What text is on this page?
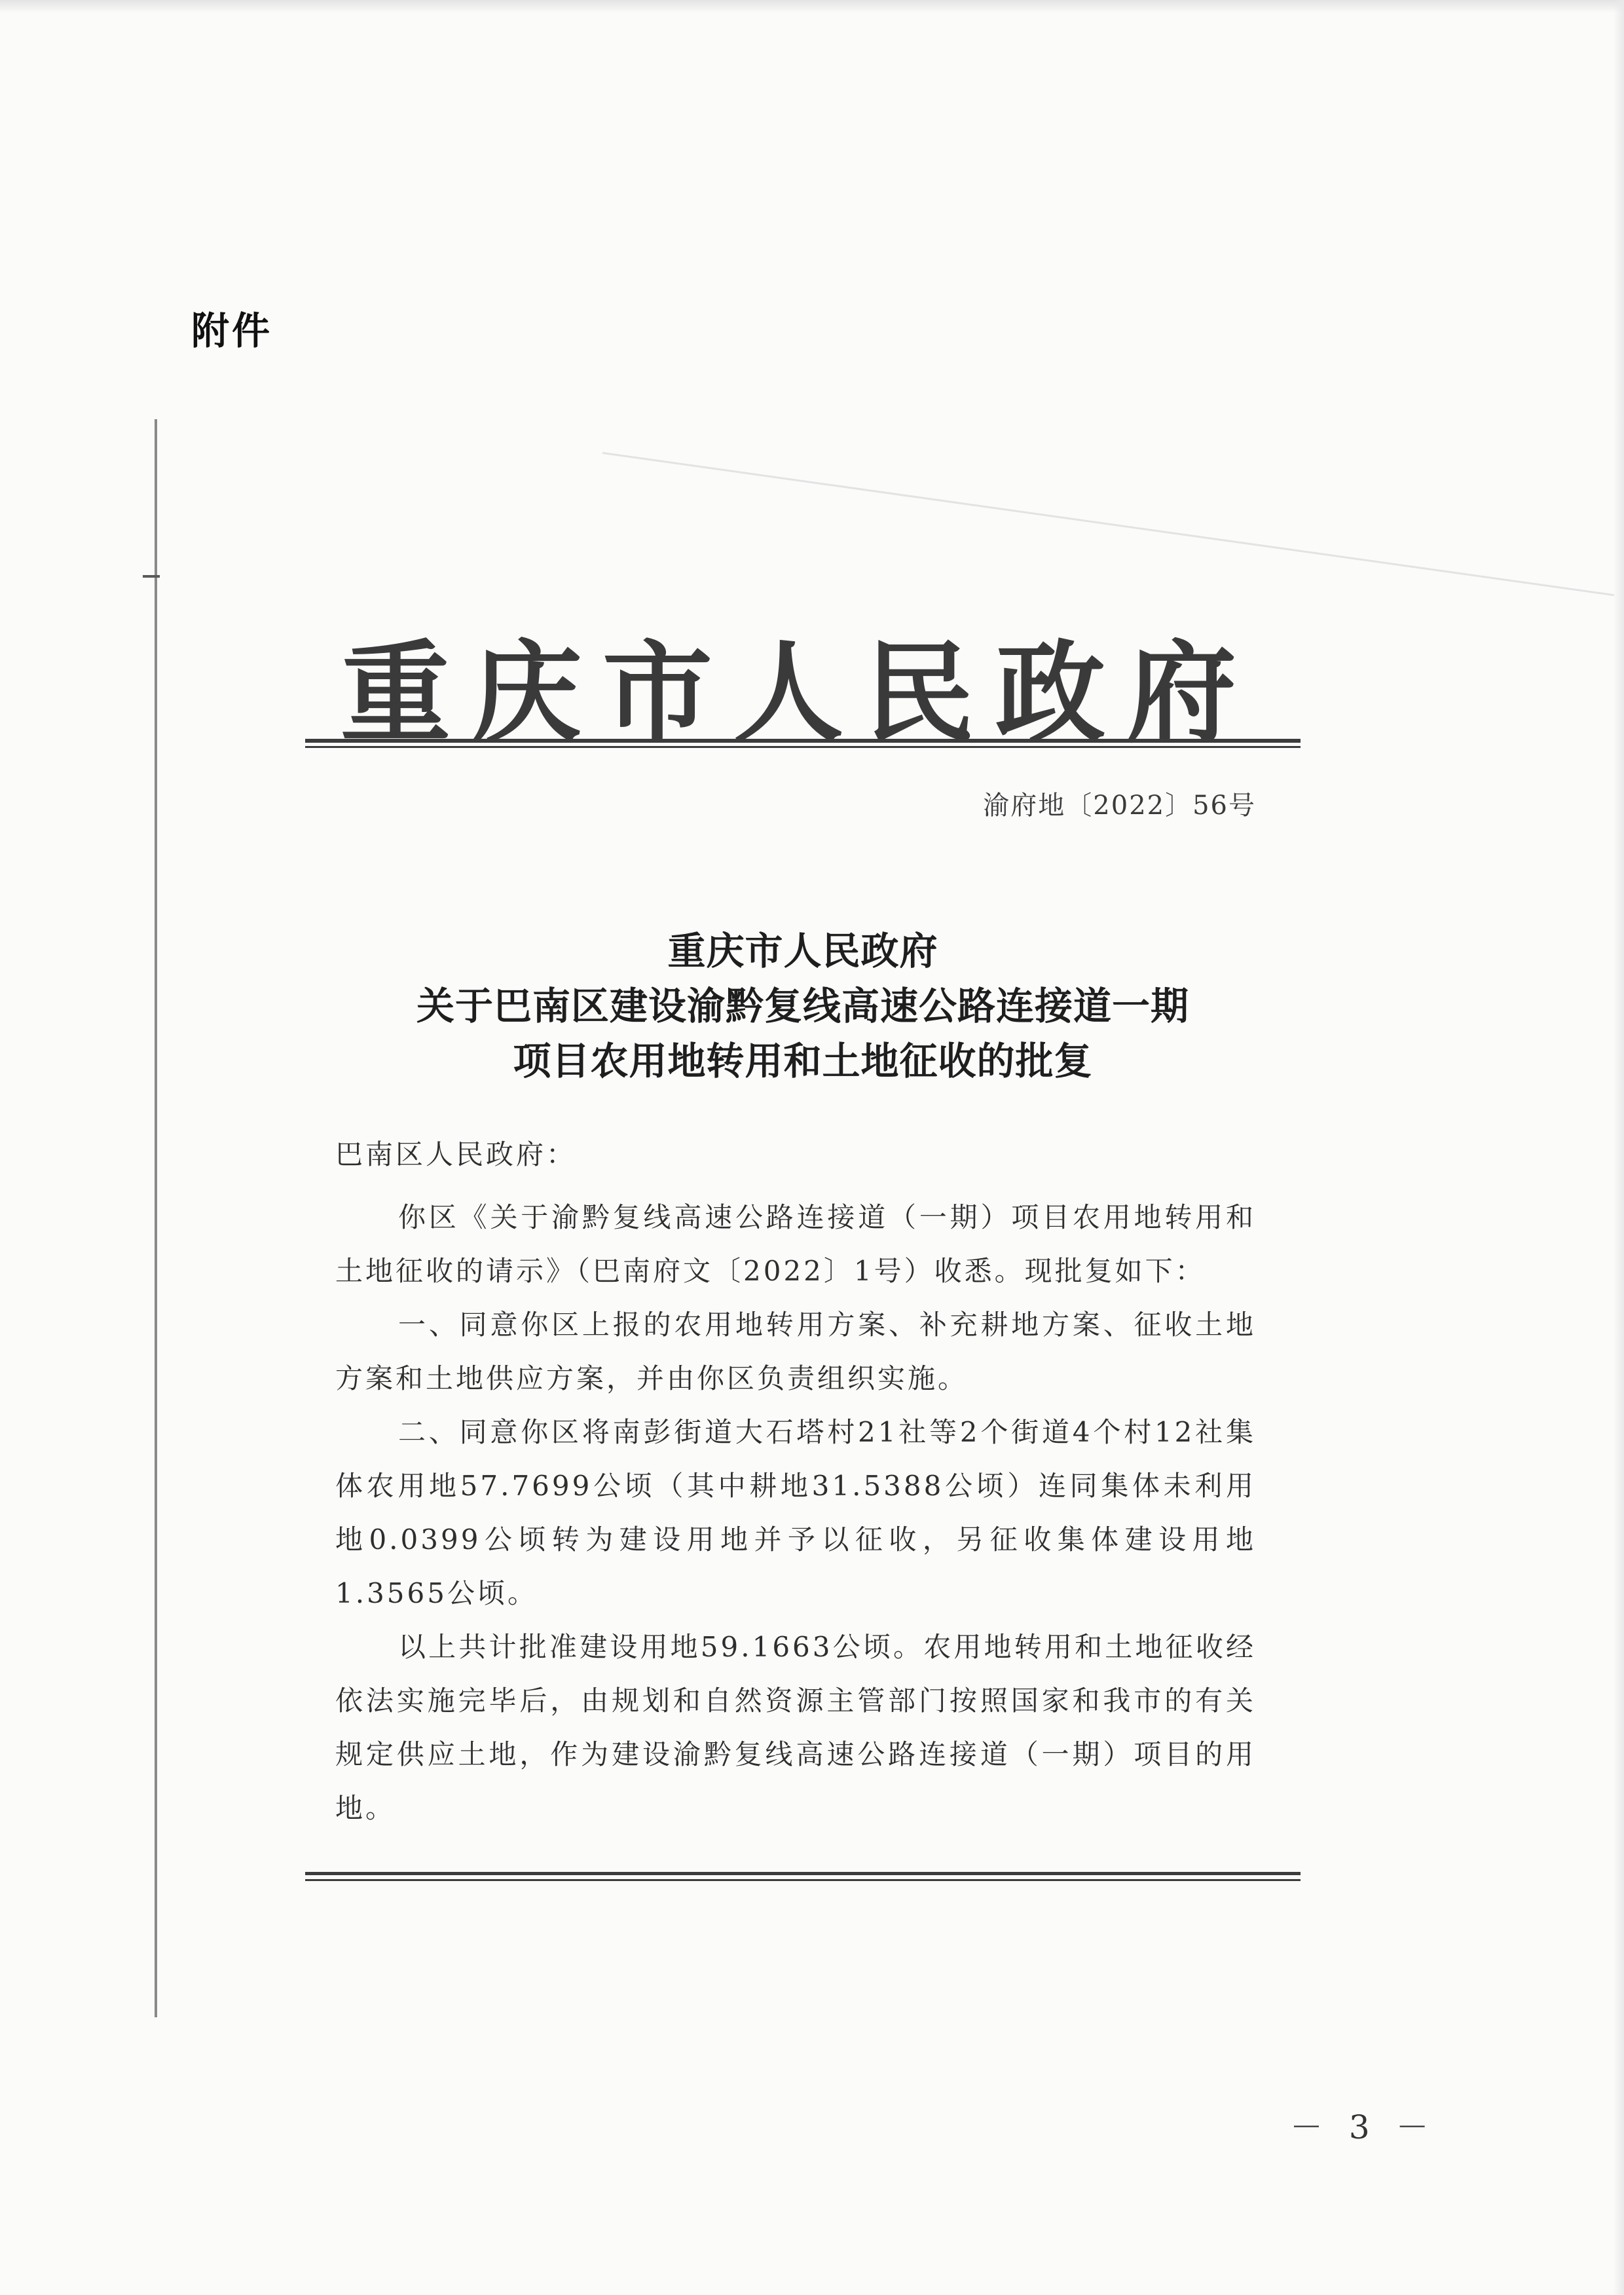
附件
重庆市人民政府
渝府地〔2022〕56号
重庆市人民政府
关于巴南区建设渝黔复线高速公路连接道一期
项目农用地转用和土地征收的批复
巴南区人民政府：

你区《关于渝黔复线高速公路连接道（一期）项目农用地转用和土地征收的请示》（巴南府文〔2022〕1号）收悉。现批复如下：

一、同意你区上报的农用地转用方案、补充耕地方案、征收土地方案和土地供应方案，并由你区负责组织实施。

二、同意你区将南彭街道大石塔村21社等2个街道4个村12社集体农用地57.7699公顷（其中耕地31.5388公顷）连同集体未利用地0.0399公顷转为建设用地并予以征收，另征收集体建设用地1.3565公顷。

以上共计批准建设用地59.1663公顷。农用地转用和土地征收经依法实施完毕后，由规划和自然资源主管部门按照国家和我市的有关规定供应土地，作为建设渝黔复线高速公路连接道（一期）项目的用地。

－ 3 －
